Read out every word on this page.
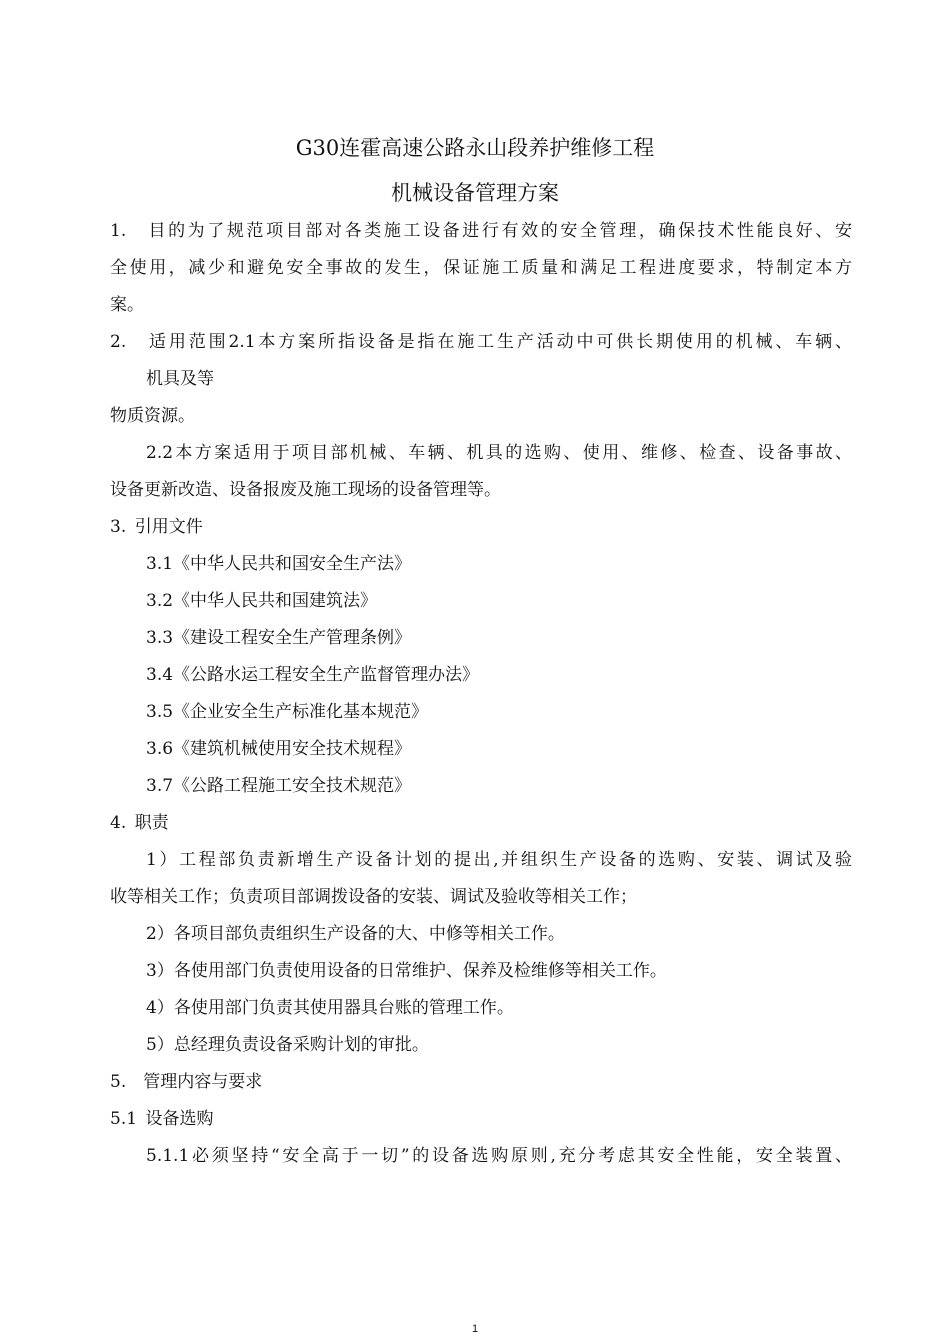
G30连霍高速公路永山段养护维修工程
机械设备管理方案
1.　目的为了规范项目部对各类施工设备进行有效的安全管理，确保技术性能良好、安
全使用，减少和避免安全事故的发生，保证施工质量和满足工程进度要求，特制定本方
案。
2.　适用范围2.1本方案所指设备是指在施工生产活动中可供长期使用的机械、车辆、
机具及等
物质资源。
2.2本方案适用于项目部机械、车辆、机具的选购、使用、维修、检查、设备事故、
设备更新改造、设备报废及施工现场的设备管理等。
3. 引用文件
3.1《中华人民共和国安全生产法》
3.2《中华人民共和国建筑法》
3.3《建设工程安全生产管理条例》
3.4《公路水运工程安全生产监督管理办法》
3.5《企业安全生产标准化基本规范》
3.6《建筑机械使用安全技术规程》
3.7《公路工程施工安全技术规范》
4. 职责
1）工程部负责新增生产设备计划的提出,并组织生产设备的选购、安装、调试及验
收等相关工作；负责项目部调拨设备的安装、调试及验收等相关工作；
2）各项目部负责组织生产设备的大、中修等相关工作。
3）各使用部门负责使用设备的日常维护、保养及检维修等相关工作。
4）各使用部门负责其使用器具台账的管理工作。
5）总经理负责设备采购计划的审批。
5.　管理内容与要求
5.1 设备选购
5.1.1必须坚持“安全高于一切”的设备选购原则,充分考虑其安全性能，安全装置、
1
